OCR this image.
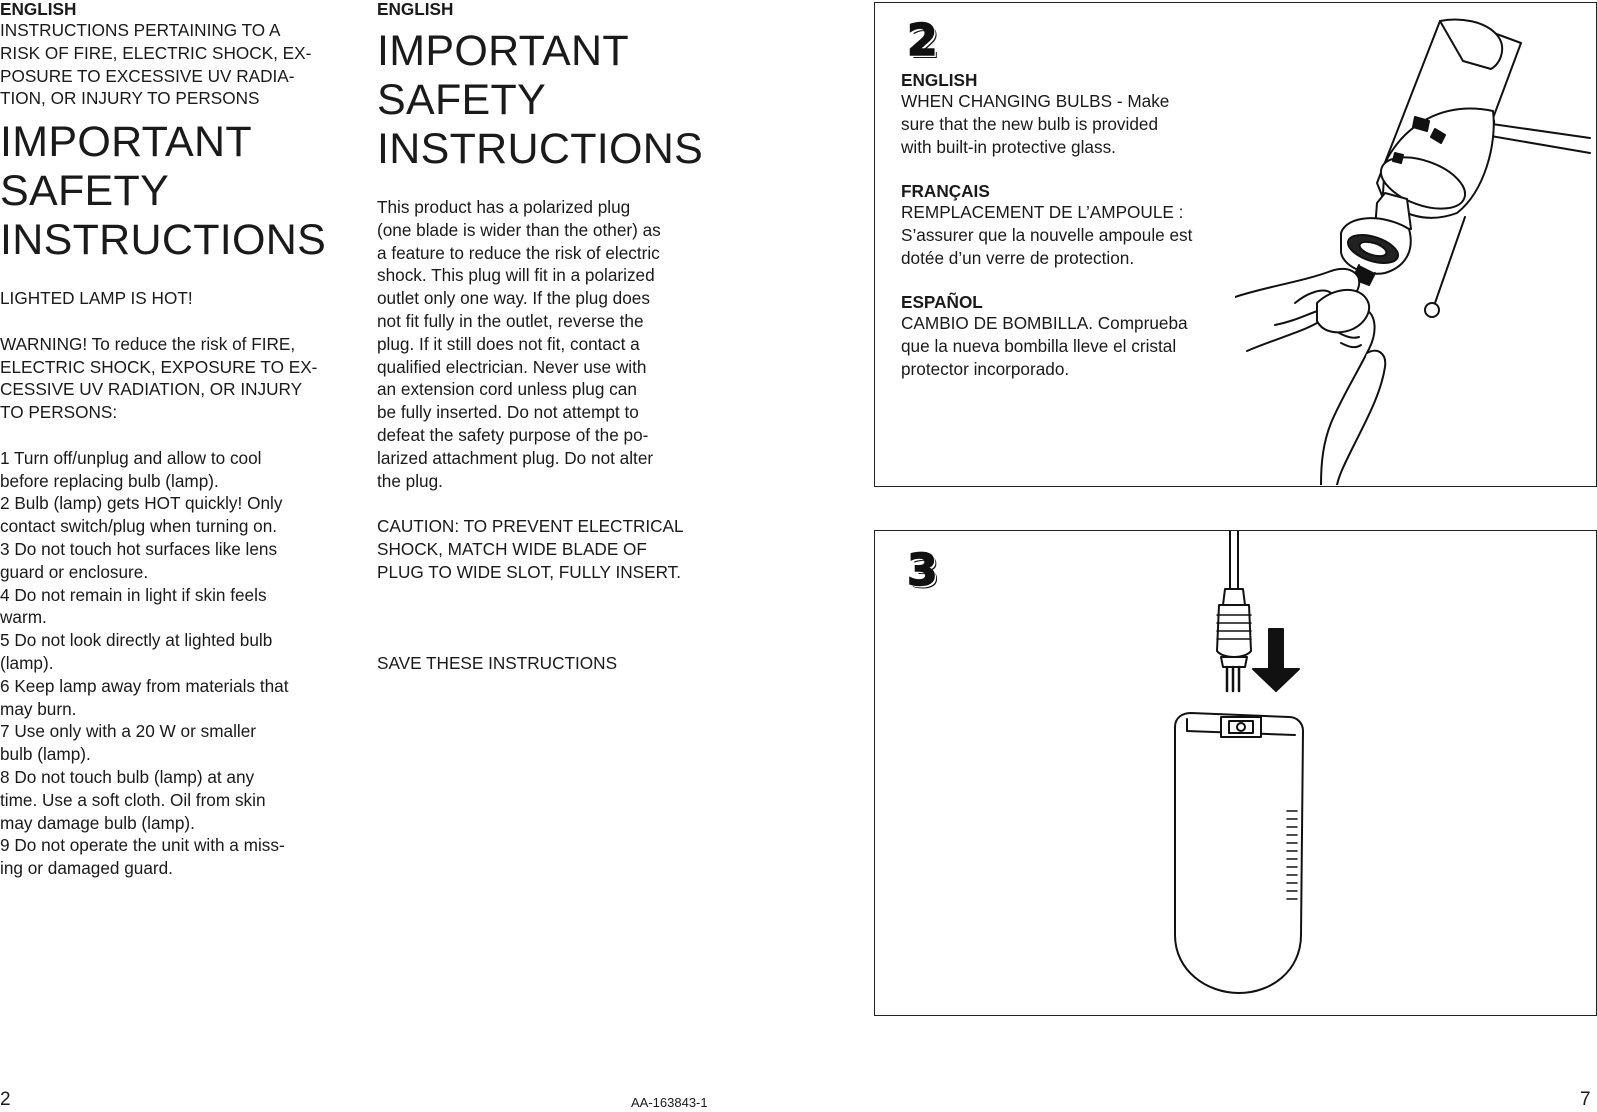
ENGLISH
INSTRUCTIONS PERTAINING TO A
RISK OF FIRE, ELECTRIC SHOCK, EX-
POSURE TO EXCESSIVE UV RADIA-
TION, OR INJURY TO PERSONS
IMPORTANT
SAFETY
INSTRUCTIONS
LIGHTED LAMP IS HOT!
WARNING! To reduce the risk of FIRE,
ELECTRIC SHOCK, EXPOSURE TO EX-
CESSIVE UV RADIATION, OR INJURY
TO PERSONS:
1 Turn off/unplug and allow to cool
before replacing bulb (lamp).
2 Bulb (lamp) gets HOT quickly! Only
contact switch/plug when turning on.
3 Do not touch hot surfaces like lens
guard or enclosure.
4 Do not remain in light if skin feels
warm.
5 Do not look directly at lighted bulb
(lamp).
6 Keep lamp away from materials that
may burn.
7 Use only with a 20 W or smaller
bulb (lamp).
8 Do not touch bulb (lamp) at any
time. Use a soft cloth. Oil from skin
may damage bulb (lamp).
9 Do not operate the unit with a miss-
ing or damaged guard.
ENGLISH
IMPORTANT
SAFETY
INSTRUCTIONS
This product has a polarized plug
(one blade is wider than the other) as
a feature to reduce the risk of electric
shock. This plug will fit in a polarized
outlet only one way. If the plug does
not fit fully in the outlet, reverse the
plug. If it still does not fit, contact a
qualified electrician. Never use with
an extension cord unless plug can
be fully inserted. Do not attempt to
defeat the safety purpose of the po-
larized attachment plug. Do not alter
the plug.
CAUTION: TO PREVENT ELECTRICAL
SHOCK, MATCH WIDE BLADE OF
PLUG TO WIDE SLOT, FULLY INSERT.
SAVE THESE INSTRUCTIONS
2
ENGLISH
WHEN CHANGING BULBS - Make
sure that the new bulb is provided
with built-in protective glass.
FRANÇAIS
REMPLACEMENT DE L’AMPOULE :
S’assurer que la nouvelle ampoule est
dotée d’un verre de protection.
ESPAÑOL
CAMBIO DE BOMBILLA. Comprueba
que la nueva bombilla lleve el cristal
protector incorporado.
3
2	AA-163843-1	7
